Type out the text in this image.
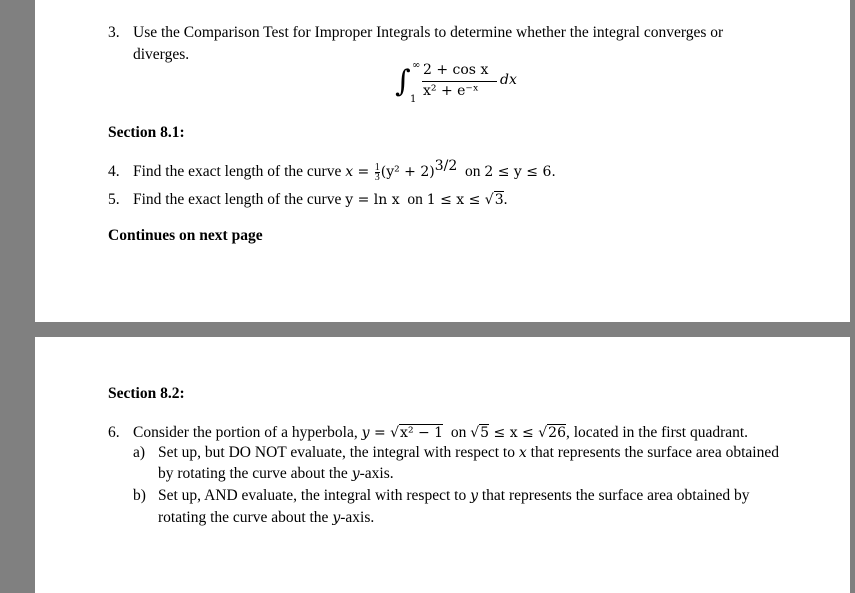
3. Use the Comparison Test for Improper Integrals to determine whether the integral converges or
diverges.
∫ ∞
1
2 + cos x
x² + e⁻ˣ
dx
Section 8.1:
4. Find the exact length of the curve $x = \frac{1}{3} (y^2 + 2)^{3/2}$ on 2 ≤ y ≤ 6.
5. Find the exact length of the curve y = ln x on 1 ≤ x ≤ √3.
Continues on next page
Section 8.2:
6. Consider the portion of a hyperbola, y = √x² − 1 on √5 ≤ x ≤ √26, located in the first quadrant.
a) Set up, but DO NOT evaluate, the integral with respect to x that represents the surface area obtained
by rotating the curve about the y-axis.
b) Set up, AND evaluate, the integral with respect to y that represents the surface area obtained by
rotating the curve about the y-axis.
